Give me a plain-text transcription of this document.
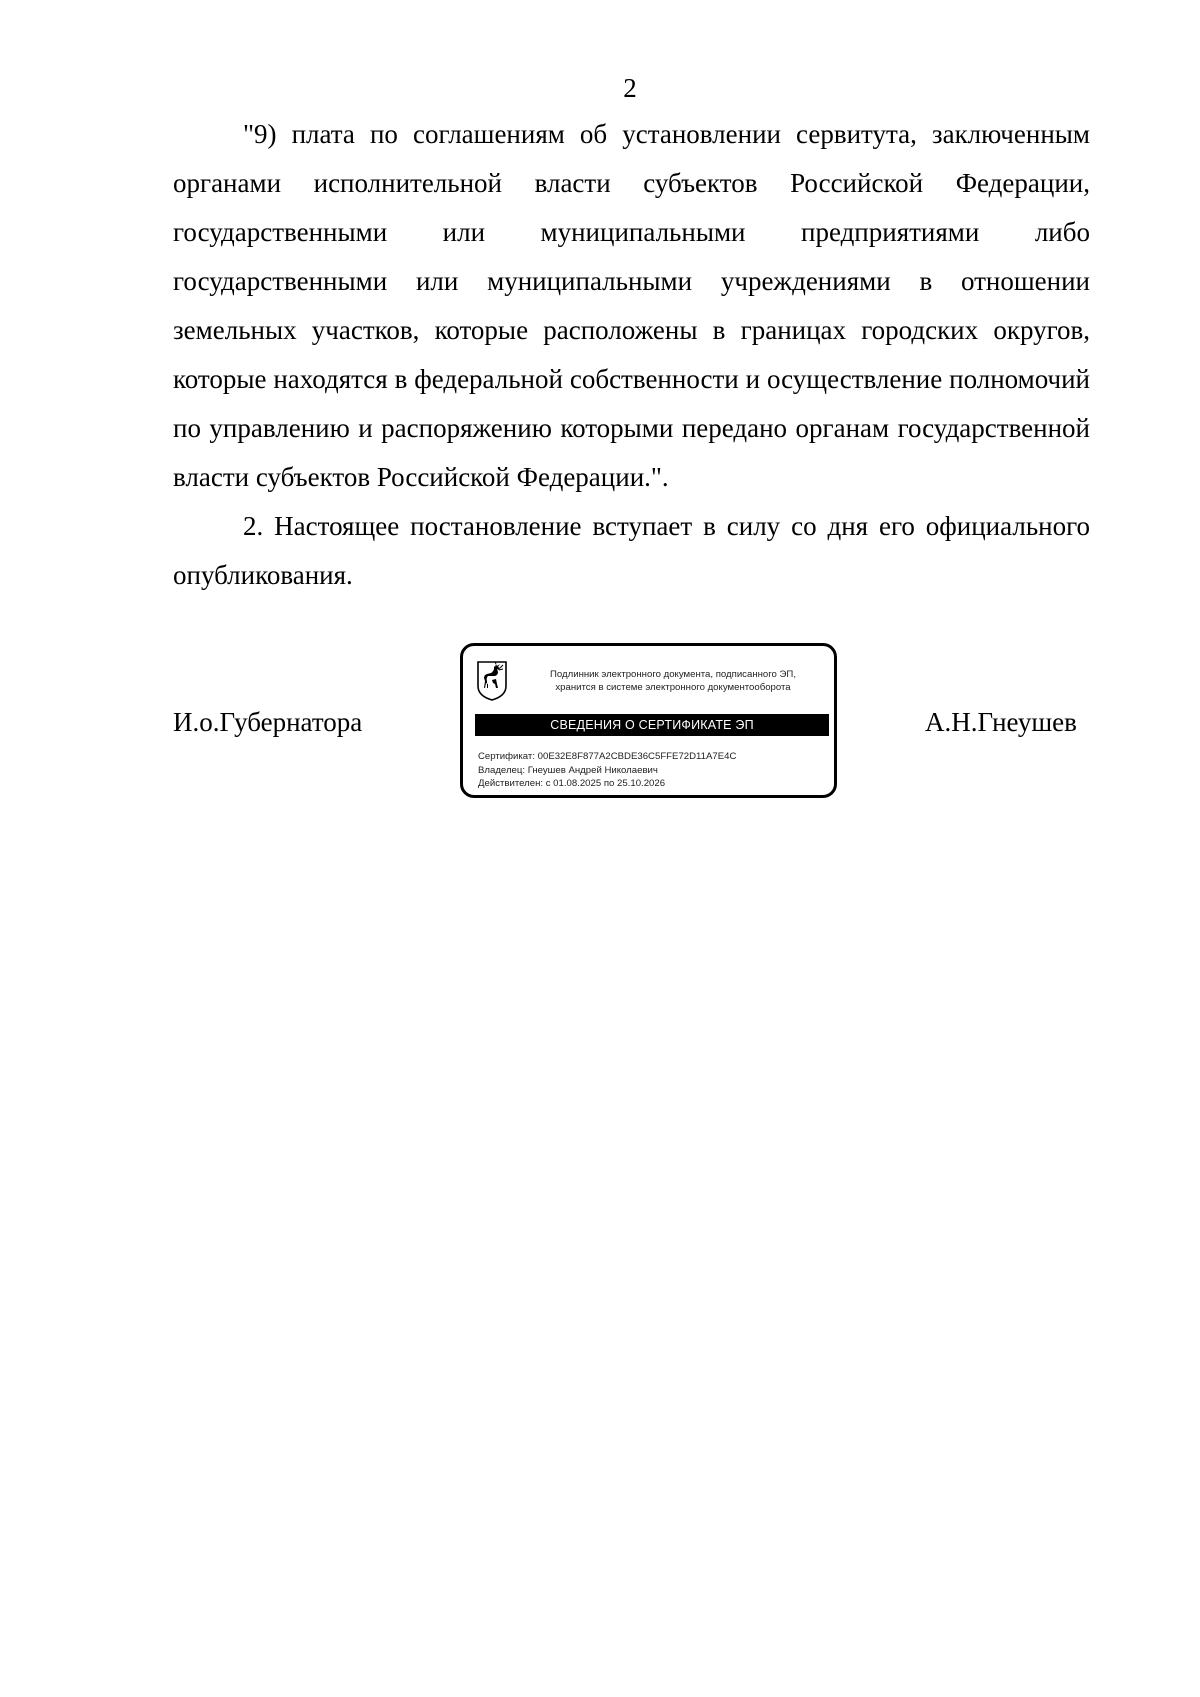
2

"9) плата по соглашениям об установлении сервитута, заключенным органами исполнительной власти субъектов Российской Федерации, государственными или муниципальными предприятиями либо государственными или муниципальными учреждениями в отношении земельных участков, которые расположены в границах городских округов, которые находятся в федеральной собственности и осуществление полномочий по управлению и распоряжению которыми передано органам государственной власти субъектов Российской Федерации.".

2. Настоящее постановление вступает в силу со дня его официального опубликования.

И.о.Губернатора	А.Н.Гнеушев
Подлинник электронного документа, подписанного ЭП,
хранится в системе электронного документооборота
СВЕДЕНИЯ О СЕРТИФИКАТЕ ЭП
Сертификат: 00E32E8F877A2CBDE36C5FFE72D11A7E4C
Владелец: Гнеушев Андрей Николаевич
Действителен: с 01.08.2025 по 25.10.2026
